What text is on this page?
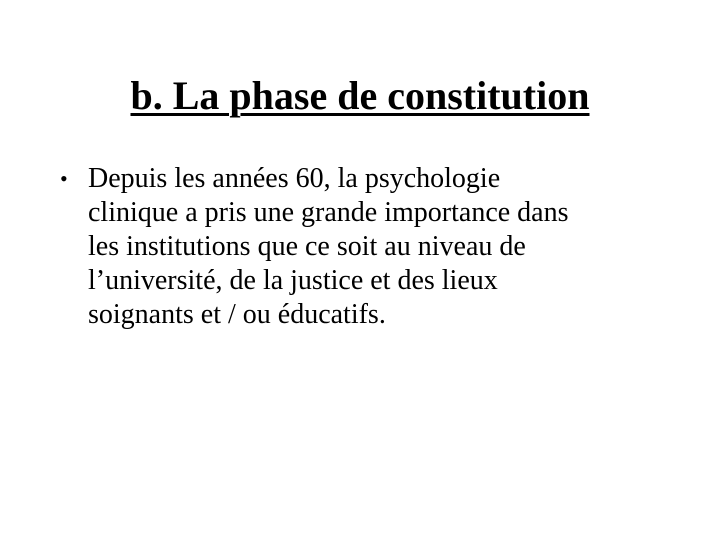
b. La phase de constitution
• Depuis les années 60, la psychologie
clinique a pris une grande importance dans
les institutions que ce soit au niveau de
l’université, de la justice et des lieux
soignants et / ou éducatifs.
